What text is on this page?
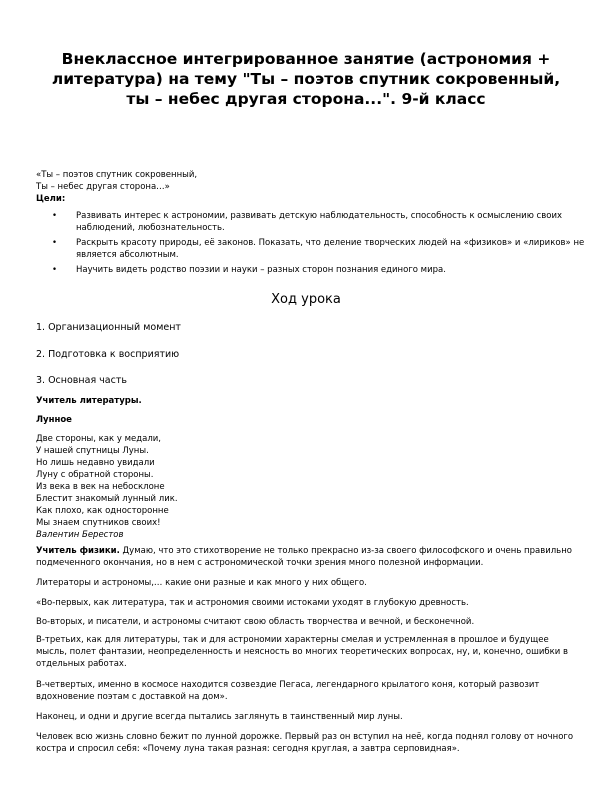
Внеклассное интегрированное занятие (астрономия + литература) на тему "Ты – поэтов спутник сокровенный, ты – небес другая сторона...". 9-й класс
«Ты – поэтов спутник сокровенный,
Ты – небес другая сторона…»
Цели:
• Развивать интерес к астрономии, развивать детскую наблюдательность, способность к осмыслению своих наблюдений, любознательность.
• Раскрыть красоту природы, её законов. Показать, что деление творческих людей на «физиков» и «лириков» не является абсолютным.
• Научить видеть родство поэзии и науки – разных сторон познания единого мира.
Ход урока
1. Организационный момент
2. Подготовка к восприятию
3. Основная часть
Учитель литературы.
Лунное
Две стороны, как у медали,
У нашей спутницы Луны.
Но лишь недавно увидали
Луну с обратной стороны.
Из века в век на небосклоне
Блестит знакомый лунный лик.
Как плохо, как односторонне
Мы знаем спутников своих!
Валентин Берестов

Учитель физики. Думаю, что это стихотворение не только прекрасно из-за своего философского и очень правильно подмеченного окончания, но в нем с астрономической точки зрения много полезной информации.

Литераторы и астрономы,… какие они разные и как много у них общего.

«Во-первых, как литература, так и астрономия своими истоками уходят в глубокую древность.

Во-вторых, и писатели, и астрономы считают свою область творчества и вечной, и бесконечной.

В-третьих, как для литературы, так и для астрономии характерны смелая и устремленная в прошлое и будущее мысль, полет фантазии, неопределенность и неясность во многих теоретических вопросах, ну, и, конечно, ошибки в отдельных работах.

В-четвертых, именно в космосе находится созвездие Пегаса, легендарного крылатого коня, который развозит вдохновение поэтам с доставкой на дом».

Наконец, и одни и другие всегда пытались заглянуть в таинственный мир луны.

Человек всю жизнь словно бежит по лунной дорожке. Первый раз он вступил на неё, когда поднял голову от ночного костра и спросил себя: «Почему луна такая разная: сегодня круглая, а завтра серповидная».
